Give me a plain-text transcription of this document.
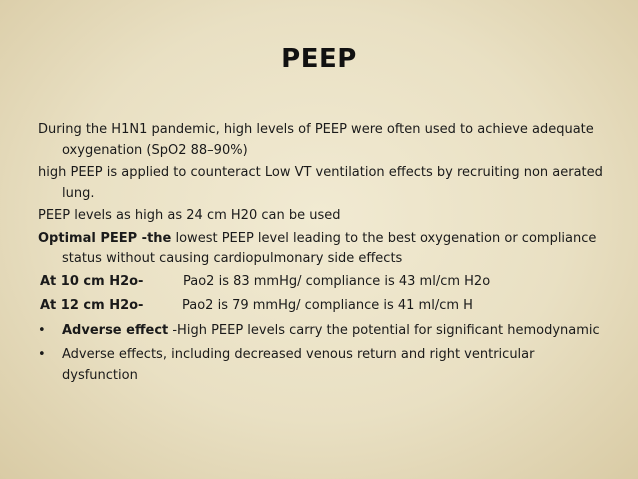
PEEP
During the H1N1 pandemic, high levels of PEEP were often used to achieve adequate oxygenation (SpO2 88–90%)
high PEEP is applied to counteract Low VT ventilation effects by recruiting non aerated lung.
PEEP levels as high as 24 cm H20 can be used
Optimal PEEP -the lowest PEEP level leading to the best oxygenation or compliance status without causing cardiopulmonary side effects
At 10 cm H2o-	Pao2 is 83 mmHg/ compliance is 43 ml/cm H2o
At 12 cm H2o-	Pao2 is 79 mmHg/ compliance is 41 ml/cm H
•	Adverse effect -High PEEP levels carry the potential for significant hemodynamic
•	Adverse effects, including decreased venous return and right ventricular dysfunction
